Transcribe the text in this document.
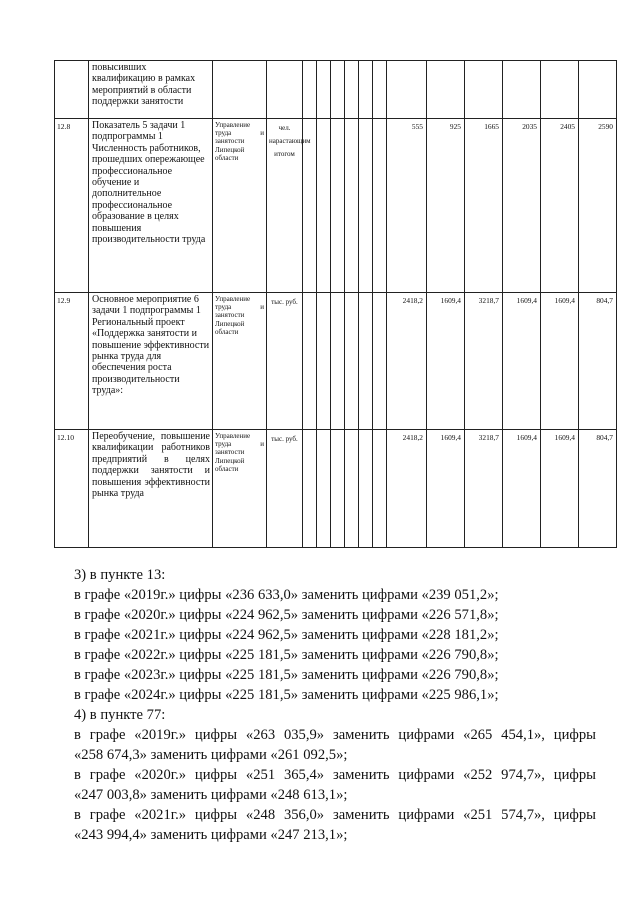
	повысивших квалификацию в рамках мероприятий в области поддержки занятости														
12.8	Показатель 5 задачи 1 подпрограммы 1 Численность работников, прошедших опережающее профессиональное обучение и дополнительное профессиональное образование в целях повышения производительности труда	Управление труда и занятости Липецкой области	чел. нарастающим итогом							555	925	1665	2035	2405	2590
12.9	Основное мероприятие 6 задачи 1 подпрограммы 1 Региональный проект «Поддержка занятости и повышение эффективности рынка труда для обеспечения роста производительности труда»:	Управление труда и занятости Липецкой области	тыс. руб.							2418,2	1609,4	3218,7	1609,4	1609,4	804,7
12.10	Переобучение, повышение квалификации работников предприятий в целях поддержки занятости и повышения эффективности рынка труда	Управление труда и занятости Липецкой области	тыс. руб.							2418,2	1609,4	3218,7	1609,4	1609,4	804,7

3) в пункте 13:

в графе «2019г.» цифры «236 633,0» заменить цифрами «239 051,2»;

в графе «2020г.» цифры «224 962,5» заменить цифрами «226 571,8»;

в графе «2021г.» цифры «224 962,5» заменить цифрами «228 181,2»;

в графе «2022г.» цифры «225 181,5» заменить цифрами «226 790,8»;

в графе «2023г.» цифры «225 181,5» заменить цифрами «226 790,8»;

в графе «2024г.» цифры «225 181,5» заменить цифрами «225 986,1»;

4) в пункте 77:

в графе «2019г.» цифры «263 035,9» заменить цифрами «265 454,1», цифры

«258 674,3» заменить цифрами «261 092,5»;

в графе «2020г.» цифры «251 365,4» заменить цифрами «252 974,7», цифры

«247 003,8» заменить цифрами «248 613,1»;

в графе «2021г.» цифры «248 356,0» заменить цифрами «251 574,7», цифры

«243 994,4» заменить цифрами «247 213,1»;
